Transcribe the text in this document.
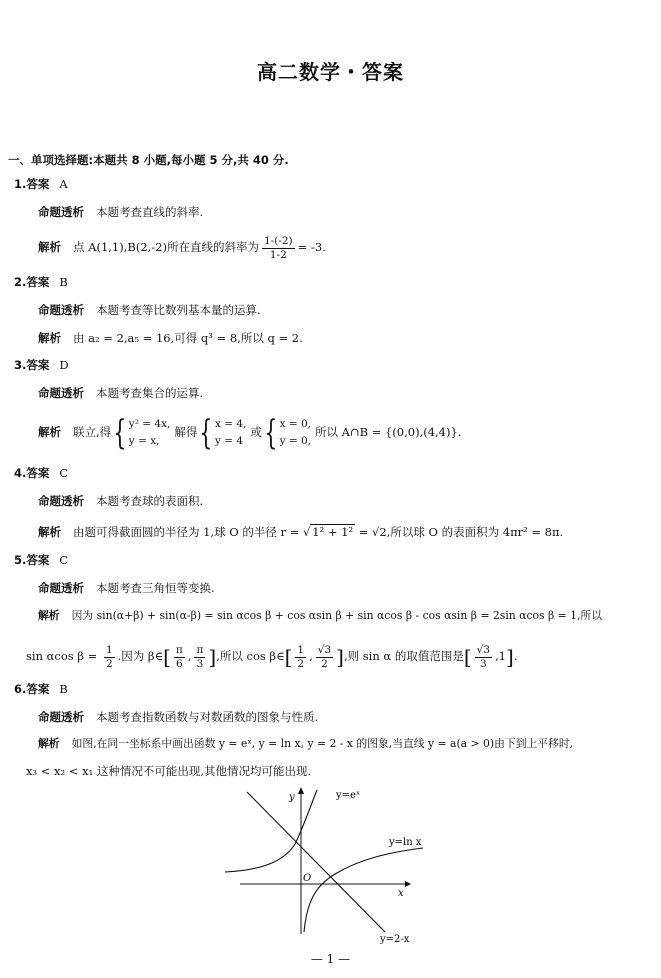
高二数学・答案
一、单项选择题:本题共 8 小题,每小题 5 分,共 40 分.
1.答案 A
命题透析 本题考查直线的斜率.
解析 点 A(1,1),B(2,-2)所在直线的斜率为 $\frac{1-(-2)}{1-2} = -3$.
2.答案 B
命题透析 本题考查等比数列基本量的运算.
解析 由 a₂ = 2,a₅ = 16,可得 q³ = 8,所以 q = 2.
3.答案 D
命题透析 本题考查集合的运算.
解析 联立,得{ y² = 4x,
y = x,
解得{ x = 4,
y = 4
或{ x = 0,
y = 0,
所以 A∩B = {(0,0),(4,4)}.
4.答案 C
命题透析 本题考查球的表面积.
解析 由题可得截面圆的半径为 1,球 O 的半径 r = √ 1² + 1² = √2,所以球 O 的表面积为 4πr² = 8π.
5.答案 C
命题透析 本题考查三角恒等变换.
解析 因为 sin(α+β) + sin(α-β) = sin αcos β + cos αsin β + sin αcos β - cos αsin β = 2sin αcos β = 1,所以
sin αcos $\beta = \frac{1}{2}$ .因为 β∈[ $\frac{\pi}{6}$ , $\frac{\pi}{3}$ ],所以 cos β∈[ $\frac{1}{2}$ , $\frac{√3}{2}$ ],则 sin α 的取值范围是[ $\frac{√3}{3} ,1$].
6.答案 B
命题透析 本题考查指数函数与对数函数的图象与性质.
解析 如图,在同一坐标系中画出函数 y = eˣ, y = ln x, y = 2 - x 的图象,当直线 y = a(a > 0)由下到上平移时,
x₃ < x₂ < x₁ 这种情况不可能出现,其他情况均可能出现.
y=eˣ
y=ln x
y=2-x
x
y
O
— 1 —
